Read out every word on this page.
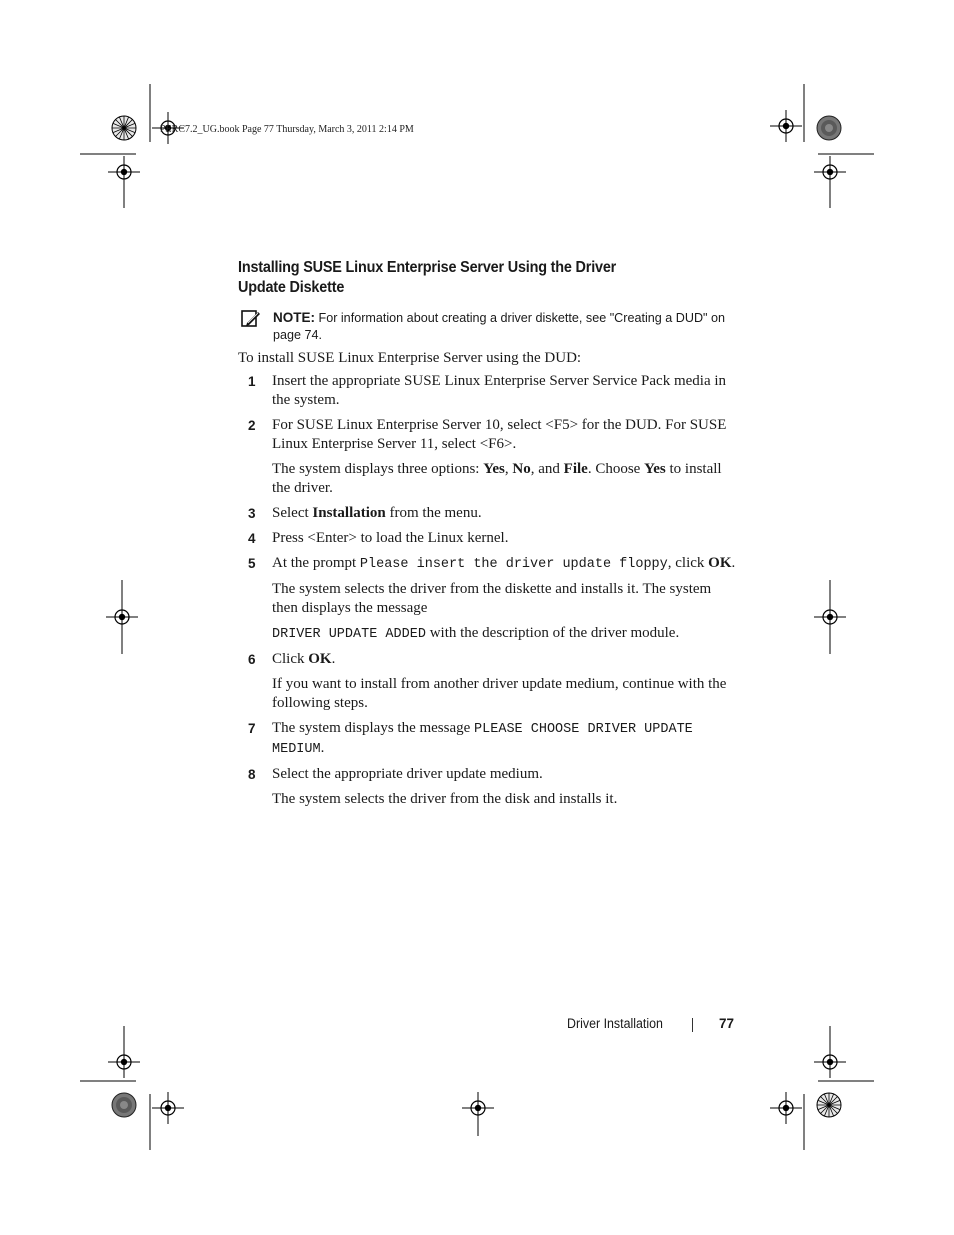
PERC7.2_UG.book Page 77 Thursday, March 3, 2011 2:14 PM
Installing SUSE Linux Enterprise Server Using the Driver
Update Diskette
NOTE: For information about creating a driver diskette, see "Creating a DUD" on page 74.
To install SUSE Linux Enterprise Server using the DUD:
1 Insert the appropriate SUSE Linux Enterprise Server Service Pack media in the system.

2 For SUSE Linux Enterprise Server 10, select <F5> for the DUD. For SUSE Linux Enterprise Server 11, select <F6>.

The system displays three options: Yes, No, and File. Choose Yes to install the driver.

3 Select Installation from the menu.

4 Press <Enter> to load the Linux kernel.

5 At the prompt Please insert the driver update floppy, click OK.

The system selects the driver from the diskette and installs it. The system then displays the message

DRIVER UPDATE ADDED with the description of the driver module.

6 Click OK.

If you want to install from another driver update medium, continue with the following steps.

7 The system displays the message PLEASE CHOOSE DRIVER UPDATE MEDIUM.

8 Select the appropriate driver update medium.

The system selects the driver from the disk and installs it.

Driver Installation	77
